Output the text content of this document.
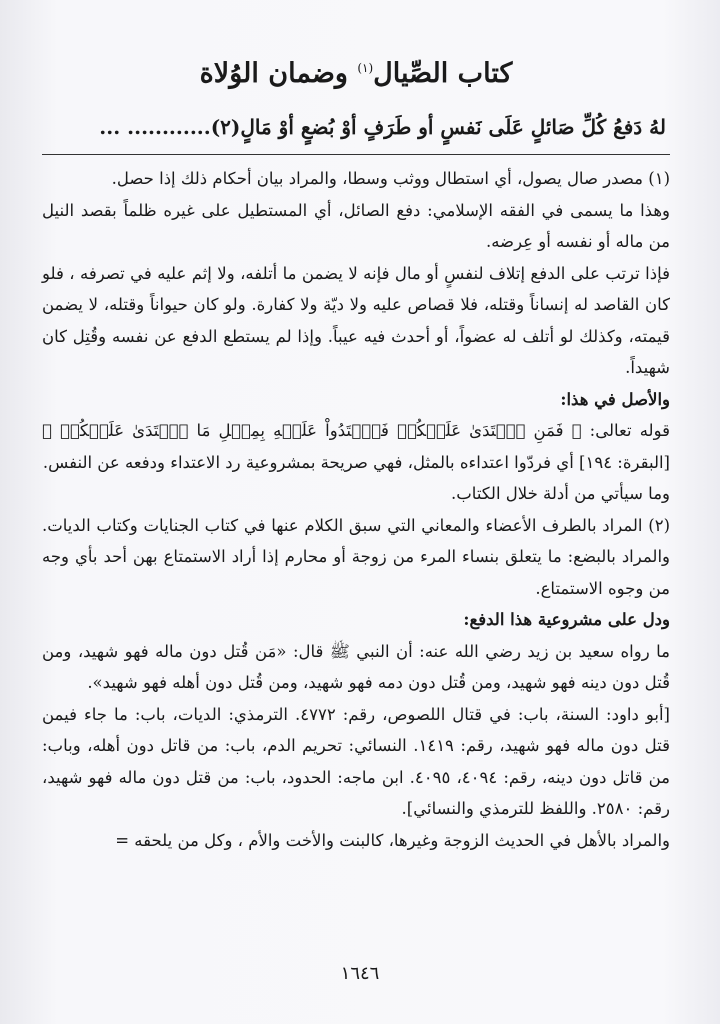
كتاب الصِّيال$^{(١)}$ وضمان الوُلاة

لهُ دَفعُ كُلِّ صَائلٍ عَلَى نَفسٍ أو طَرَفٍ أوْ بُضعٍ أوْ مَالٍ(٢)............ ...

(١) مصدر صال يصول، أي استطال ووثب وسطا، والمراد بيان أحكام ذلك إذا حصل.

وهذا ما يسمى في الفقه الإسلامي: دفع الصائل، أي المستطيل على غيره ظلماً بقصد النيل من ماله أو نفسه أو عِرضه.

فإذا ترتب على الدفع إتلاف لنفسٍ أو مال فإنه لا يضمن ما أتلفه، ولا إثم عليه في تصرفه ، فلو كان القاصد له إنساناً وقتله، فلا قصاص عليه ولا ديّة ولا كفارة. ولو كان حيواناً وقتله، لا يضمن قيمته، وكذلك لو أتلف له عضواً، أو أحدث فيه عيباً. وإذا لم يستطع الدفع عن نفسه وقُتِل كان شهيداً.

والأصل في هذا:

قوله تعالى: ﴿ فَمَنِ ٱعۡتَدَىٰ عَلَيۡكُمۡ فَٱعۡتَدُواْ عَلَيۡهِ بِمِثۡلِ مَا ٱعۡتَدَىٰ عَلَيۡكُمۡ ﴾ [البقرة: ١٩٤] أي فردّوا اعتداءه بالمثل، فهي صريحة بمشروعية رد الاعتداء ودفعه عن النفس.

وما سيأتي من أدلة خلال الكتاب.

(٢) المراد بالطرف الأعضاء والمعاني التي سبق الكلام عنها في كتاب الجنايات وكتاب الديات. والمراد بالبضع: ما يتعلق بنساء المرء من زوجة أو محارم إذا أراد الاستمتاع بهن أحد بأي وجه من وجوه الاستمتاع.

ودل على مشروعية هذا الدفع:

ما رواه سعيد بن زيد رضي الله عنه: أن النبي ﷺ قال: «مَن قُتل دون ماله فهو شهيد، ومن قُتل دون دينه فهو شهيد، ومن قُتل دون دمه فهو شهيد، ومن قُتل دون أهله فهو شهيد».

[أبو داود: السنة، باب: في قتال اللصوص، رقم: ٤٧٧٢. الترمذي: الديات، باب: ما جاء فيمن قتل دون ماله فهو شهيد، رقم: ١٤١٩. النسائي: تحريم الدم، باب: من قاتل دون أهله، وباب: من قاتل دون دينه، رقم: ٤٠٩٤، ٤٠٩٥. ابن ماجه: الحدود، باب: من قتل دون ماله فهو شهيد، رقم: ٢٥٨٠. واللفظ للترمذي والنسائي].

والمراد بالأهل في الحديث الزوجة وغيرها، كالبنت والأخت والأم ، وكل من يلحقه =

١٦٤٦
